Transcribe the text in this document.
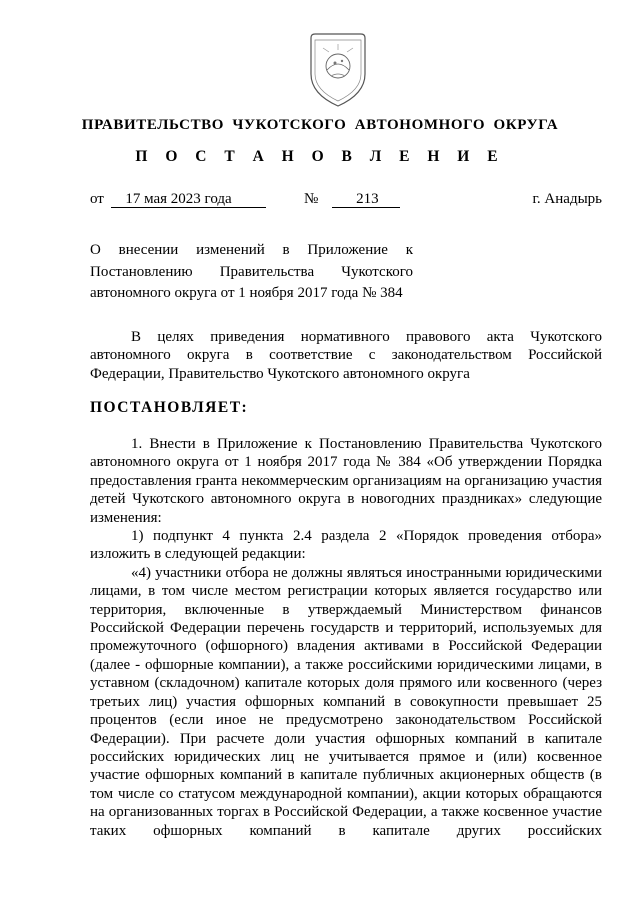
ПРАВИТЕЛЬСТВО ЧУКОТСКОГО АВТОНОМНОГО ОКРУГА
П О С Т А Н О В Л Е Н И Е
от 17 мая 2023 года	№	213	г. Анадырь
О внесении изменений в Приложение к Постановлению Правительства Чукотского автономного округа от 1 ноября 2017 года № 384

В целях приведения нормативного правового акта Чукотского автономного округа в соответствие с законодательством Российской Федерации, Правительство Чукотского автономного округа

ПОСТАНОВЛЯЕТ:

1. Внести в Приложение к Постановлению Правительства Чукотского автономного округа от 1 ноября 2017 года № 384 «Об утверждении Порядка предоставления гранта некоммерческим организациям на организацию участия детей Чукотского автономного округа в новогодних праздниках» следующие изменения:

1) подпункт 4 пункта 2.4 раздела 2 «Порядок проведения отбора» изложить в следующей редакции:

«4) участники отбора не должны являться иностранными юридическими лицами, в том числе местом регистрации которых является государство или территория, включенные в утверждаемый Министерством финансов Российской Федерации перечень государств и территорий, используемых для промежуточного (офшорного) владения активами в Российской Федерации (далее - офшорные компании), а также российскими юридическими лицами, в уставном (складочном) капитале которых доля прямого или косвенного (через третьих лиц) участия офшорных компаний в совокупности превышает 25 процентов (если иное не предусмотрено законодательством Российской Федерации). При расчете доли участия офшорных компаний в капитале российских юридических лиц не учитывается прямое и (или) косвенное участие офшорных компаний в капитале публичных акционерных обществ (в том числе со статусом международной компании), акции которых обращаются на организованных торгах в Российской Федерации, а также косвенное участие таких офшорных компаний в капитале других российских
